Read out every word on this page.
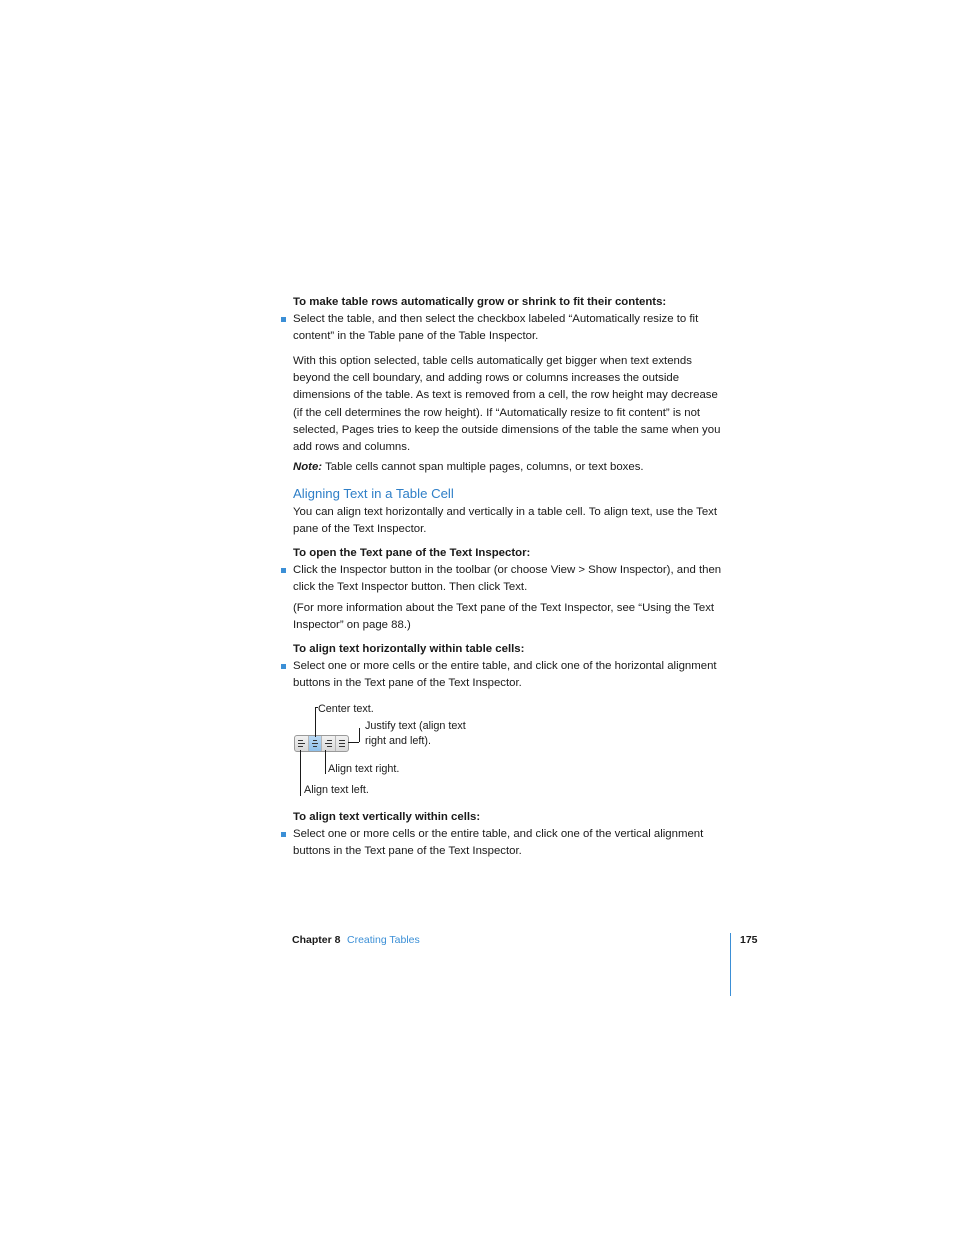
To make table rows automatically grow or shrink to fit their contents:
Select the table, and then select the checkbox labeled “Automatically resize to fit
content” in the Table pane of the Table Inspector.
With this option selected, table cells automatically get bigger when text extends
beyond the cell boundary, and adding rows or columns increases the outside
dimensions of the table. As text is removed from a cell, the row height may decrease
(if the cell determines the row height). If “Automatically resize to fit content” is not
selected, Pages tries to keep the outside dimensions of the table the same when you
add rows and columns.
Note: Table cells cannot span multiple pages, columns, or text boxes.
Aligning Text in a Table Cell
You can align text horizontally and vertically in a table cell. To align text, use the Text
pane of the Text Inspector.
To open the Text pane of the Text Inspector:
Click the Inspector button in the toolbar (or choose View > Show Inspector), and then
click the Text Inspector button. Then click Text.
(For more information about the Text pane of the Text Inspector, see “Using the Text
Inspector” on page 88.)
To align text horizontally within table cells:
Select one or more cells or the entire table, and click one of the horizontal alignment
buttons in the Text pane of the Text Inspector.
Center text.
Justify text (align text
right and left).
Align text right.
Align text left.
To align text vertically within cells:
Select one or more cells or the entire table, and click one of the vertical alignment
buttons in the Text pane of the Text Inspector.
Chapter 8 Creating Tables	175
